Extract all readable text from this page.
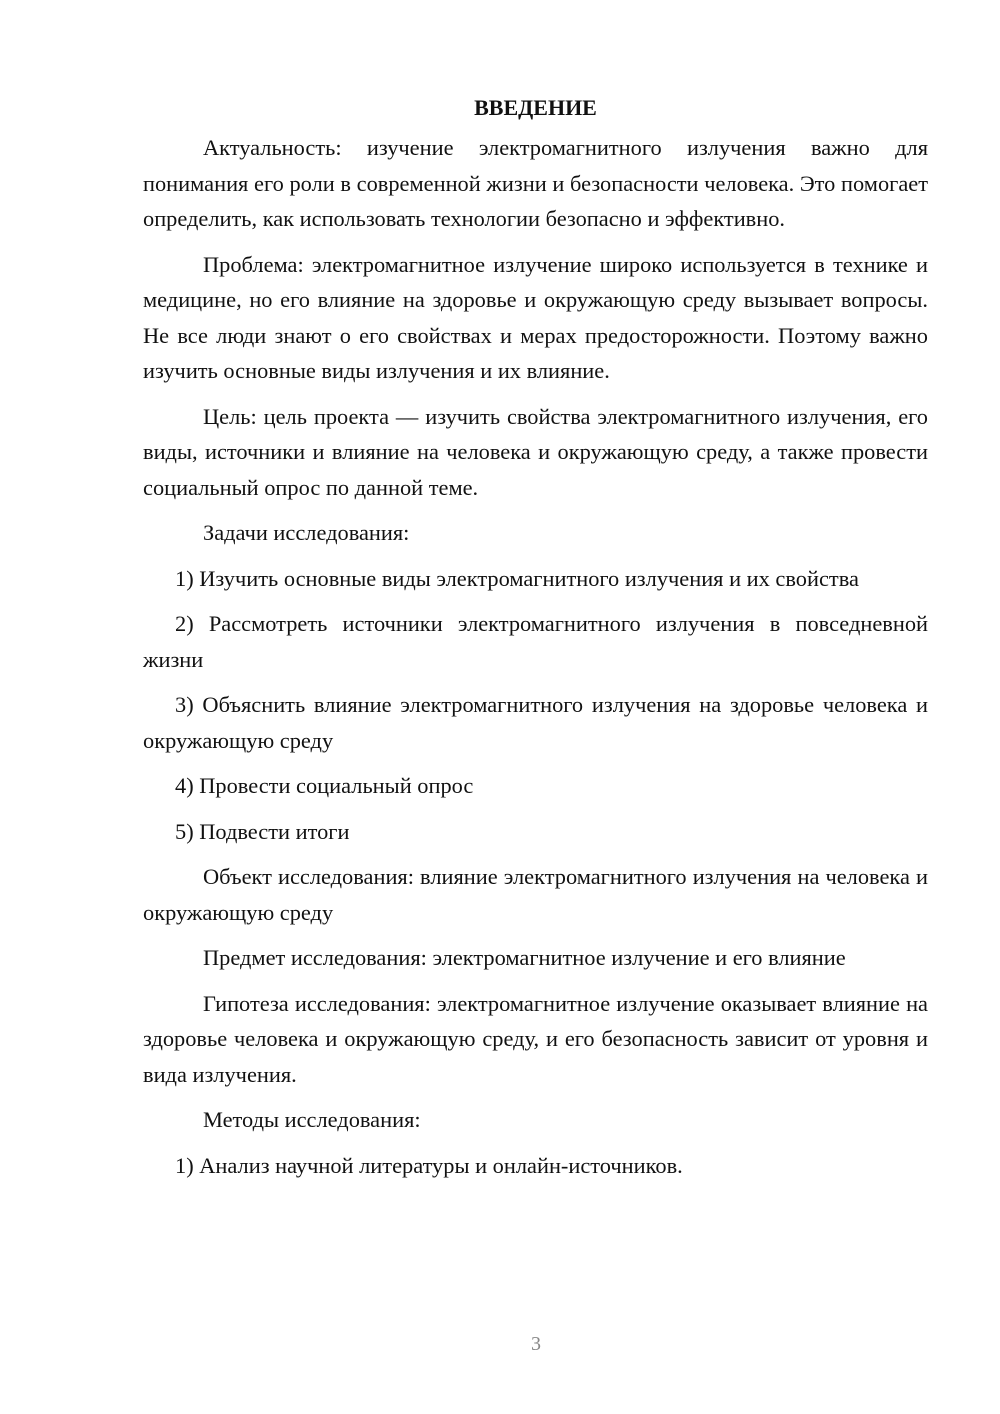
ВВЕДЕНИЕ

Актуальность: изучение электромагнитного излучения важно для понимания его роли в современной жизни и безопасности человека. Это помогает определить, как использовать технологии безопасно и эффективно.

Проблема: электромагнитное излучение широко используется в технике и медицине, но его влияние на здоровье и окружающую среду вызывает вопросы. Не все люди знают о его свойствах и мерах предосторожности. Поэтому важно изучить основные виды излучения и их влияние.

Цель: цель проекта — изучить свойства электромагнитного излучения, его виды, источники и влияние на человека и окружающую среду, а также провести социальный опрос по данной теме.

Задачи исследования:

1) Изучить основные виды электромагнитного излучения и их свойства

2) Рассмотреть источники электромагнитного излучения в повседневной жизни

3) Объяснить влияние электромагнитного излучения на здоровье человека и окружающую среду

4) Провести социальный опрос

5) Подвести итоги

Объект исследования: влияние электромагнитного излучения на человека и окружающую среду

Предмет исследования: электромагнитное излучение и его влияние

Гипотеза исследования: электромагнитное излучение оказывает влияние на здоровье человека и окружающую среду, и его безопасность зависит от уровня и вида излучения.

Методы исследования:

1) Анализ научной литературы и онлайн-источников.

3
